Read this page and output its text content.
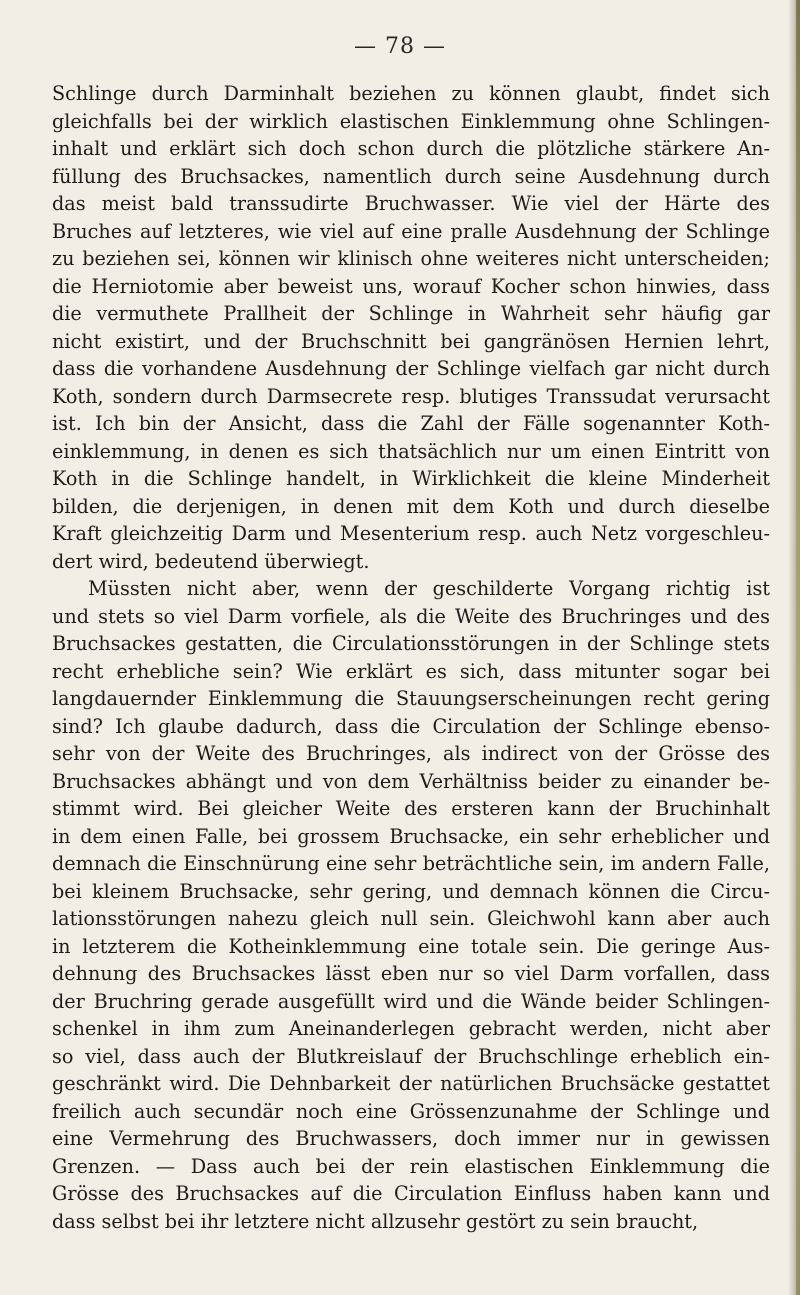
— 78 —
Schlinge durch Darminhalt beziehen zu können glaubt, findet sich
gleichfalls bei der wirklich elastischen Einklemmung ohne Schlingen-
inhalt und erklärt sich doch schon durch die plötzliche stärkere An-
füllung des Bruchsackes, namentlich durch seine Ausdehnung durch
das meist bald transsudirte Bruchwasser. Wie viel der Härte des
Bruches auf letzteres, wie viel auf eine pralle Ausdehnung der Schlinge
zu beziehen sei, können wir klinisch ohne weiteres nicht unterscheiden;
die Herniotomie aber beweist uns, worauf Kocher schon hinwies, dass
die vermuthete Prallheit der Schlinge in Wahrheit sehr häufig gar
nicht existirt, und der Bruchschnitt bei gangränösen Hernien lehrt,
dass die vorhandene Ausdehnung der Schlinge vielfach gar nicht durch
Koth, sondern durch Darmsecrete resp. blutiges Transsudat verursacht
ist. Ich bin der Ansicht, dass die Zahl der Fälle sogenannter Koth-
einklemmung, in denen es sich thatsächlich nur um einen Eintritt von
Koth in die Schlinge handelt, in Wirklichkeit die kleine Minderheit
bilden, die derjenigen, in denen mit dem Koth und durch dieselbe
Kraft gleichzeitig Darm und Mesenterium resp. auch Netz vorgeschleu-
dert wird, bedeutend überwiegt.
Müssten nicht aber, wenn der geschilderte Vorgang richtig ist
und stets so viel Darm vorfiele, als die Weite des Bruchringes und des
Bruchsackes gestatten, die Circulationsstörungen in der Schlinge stets
recht erhebliche sein? Wie erklärt es sich, dass mitunter sogar bei
langdauernder Einklemmung die Stauungserscheinungen recht gering
sind? Ich glaube dadurch, dass die Circulation der Schlinge ebenso-
sehr von der Weite des Bruchringes, als indirect von der Grösse des
Bruchsackes abhängt und von dem Verhältniss beider zu einander be-
stimmt wird. Bei gleicher Weite des ersteren kann der Bruchinhalt
in dem einen Falle, bei grossem Bruchsacke, ein sehr erheblicher und
demnach die Einschnürung eine sehr beträchtliche sein, im andern Falle,
bei kleinem Bruchsacke, sehr gering, und demnach können die Circu-
lationsstörungen nahezu gleich null sein. Gleichwohl kann aber auch
in letzterem die Kotheinklemmung eine totale sein. Die geringe Aus-
dehnung des Bruchsackes lässt eben nur so viel Darm vorfallen, dass
der Bruchring gerade ausgefüllt wird und die Wände beider Schlingen-
schenkel in ihm zum Aneinanderlegen gebracht werden, nicht aber
so viel, dass auch der Blutkreislauf der Bruchschlinge erheblich ein-
geschränkt wird. Die Dehnbarkeit der natürlichen Bruchsäcke gestattet
freilich auch secundär noch eine Grössenzunahme der Schlinge und
eine Vermehrung des Bruchwassers, doch immer nur in gewissen
Grenzen. — Dass auch bei der rein elastischen Einklemmung die
Grösse des Bruchsackes auf die Circulation Einfluss haben kann und
dass selbst bei ihr letztere nicht allzusehr gestört zu sein braucht,
